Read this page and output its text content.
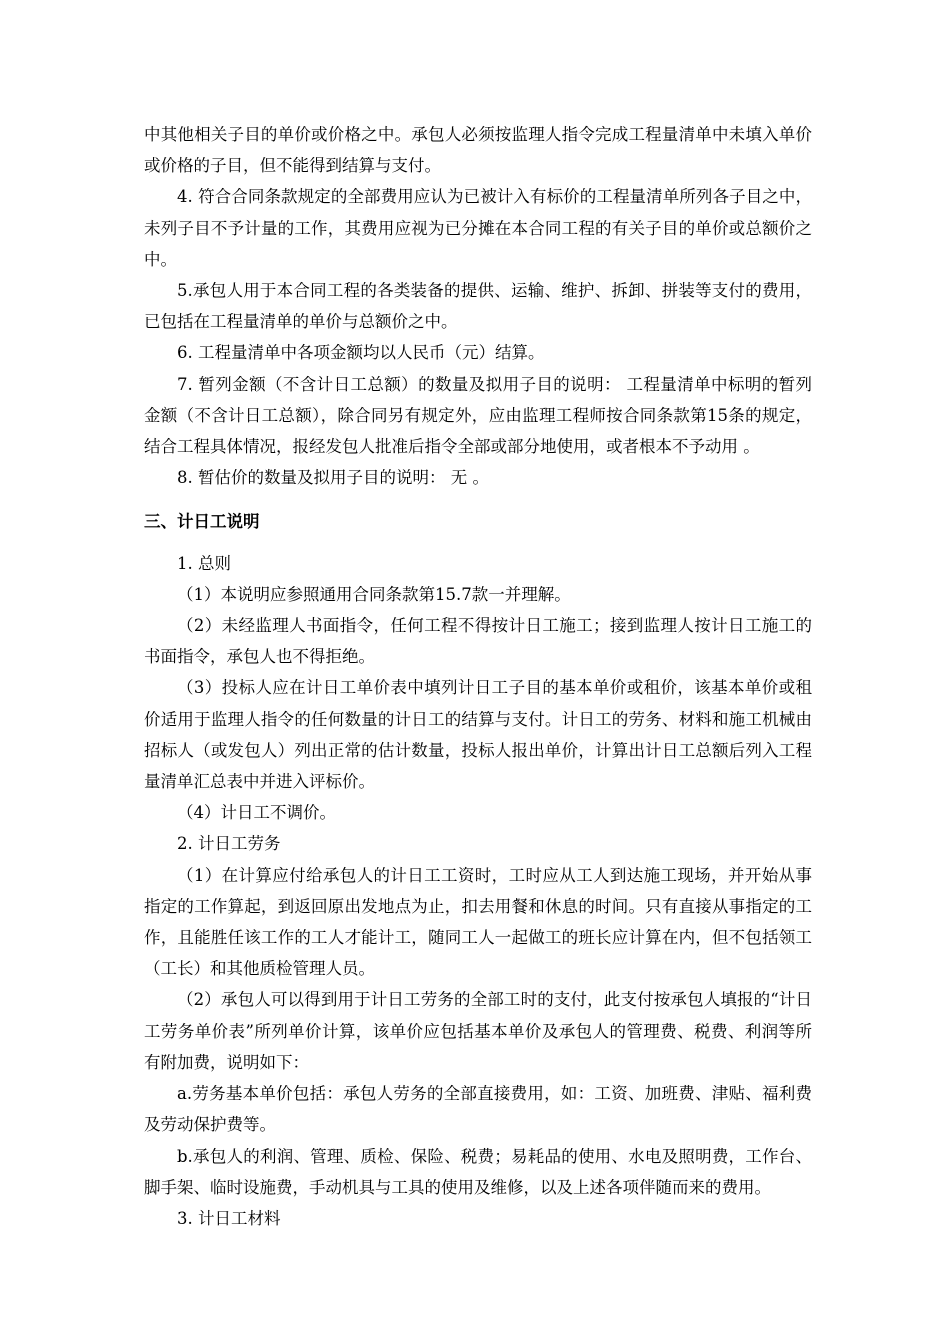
中其他相关子目的单价或价格之中。承包人必须按监理人指令完成工程量清单中未填入单价或价格的子目，但不能得到结算与支付。

4. 符合合同条款规定的全部费用应认为已被计入有标价的工程量清单所列各子目之中，未列子目不予计量的工作，其费用应视为已分摊在本合同工程的有关子目的单价或总额价之中。

5.承包人用于本合同工程的各类装备的提供、运输、维护、拆卸、拼装等支付的费用，已包括在工程量清单的单价与总额价之中。

6. 工程量清单中各项金额均以人民币（元）结算。

7. 暂列金额（不含计日工总额）的数量及拟用子目的说明： 工程量清单中标明的暂列金额（不含计日工总额），除合同另有规定外，应由监理工程师按合同条款第15条的规定，结合工程具体情况，报经发包人批准后指令全部或部分地使用，或者根本不予动用 。

8. 暂估价的数量及拟用子目的说明： 无 。

三、计日工说明

1. 总则

（1）本说明应参照通用合同条款第15.7款一并理解。

（2）未经监理人书面指令，任何工程不得按计日工施工；接到监理人按计日工施工的书面指令，承包人也不得拒绝。

（3）投标人应在计日工单价表中填列计日工子目的基本单价或租价，该基本单价或租价适用于监理人指令的任何数量的计日工的结算与支付。计日工的劳务、材料和施工机械由招标人（或发包人）列出正常的估计数量，投标人报出单价，计算出计日工总额后列入工程量清单汇总表中并进入评标价。

（4）计日工不调价。

2. 计日工劳务

（1）在计算应付给承包人的计日工工资时，工时应从工人到达施工现场，并开始从事指定的工作算起，到返回原出发地点为止，扣去用餐和休息的时间。只有直接从事指定的工作，且能胜任该工作的工人才能计工，随同工人一起做工的班长应计算在内，但不包括领工（工长）和其他质检管理人员。

（2）承包人可以得到用于计日工劳务的全部工时的支付，此支付按承包人填报的“计日工劳务单价表”所列单价计算，该单价应包括基本单价及承包人的管理费、税费、利润等所有附加费，说明如下：

a.劳务基本单价包括：承包人劳务的全部直接费用，如：工资、加班费、津贴、福利费及劳动保护费等。

b.承包人的利润、管理、质检、保险、税费；易耗品的使用、水电及照明费，工作台、脚手架、临时设施费，手动机具与工具的使用及维修，以及上述各项伴随而来的费用。

3. 计日工材料
